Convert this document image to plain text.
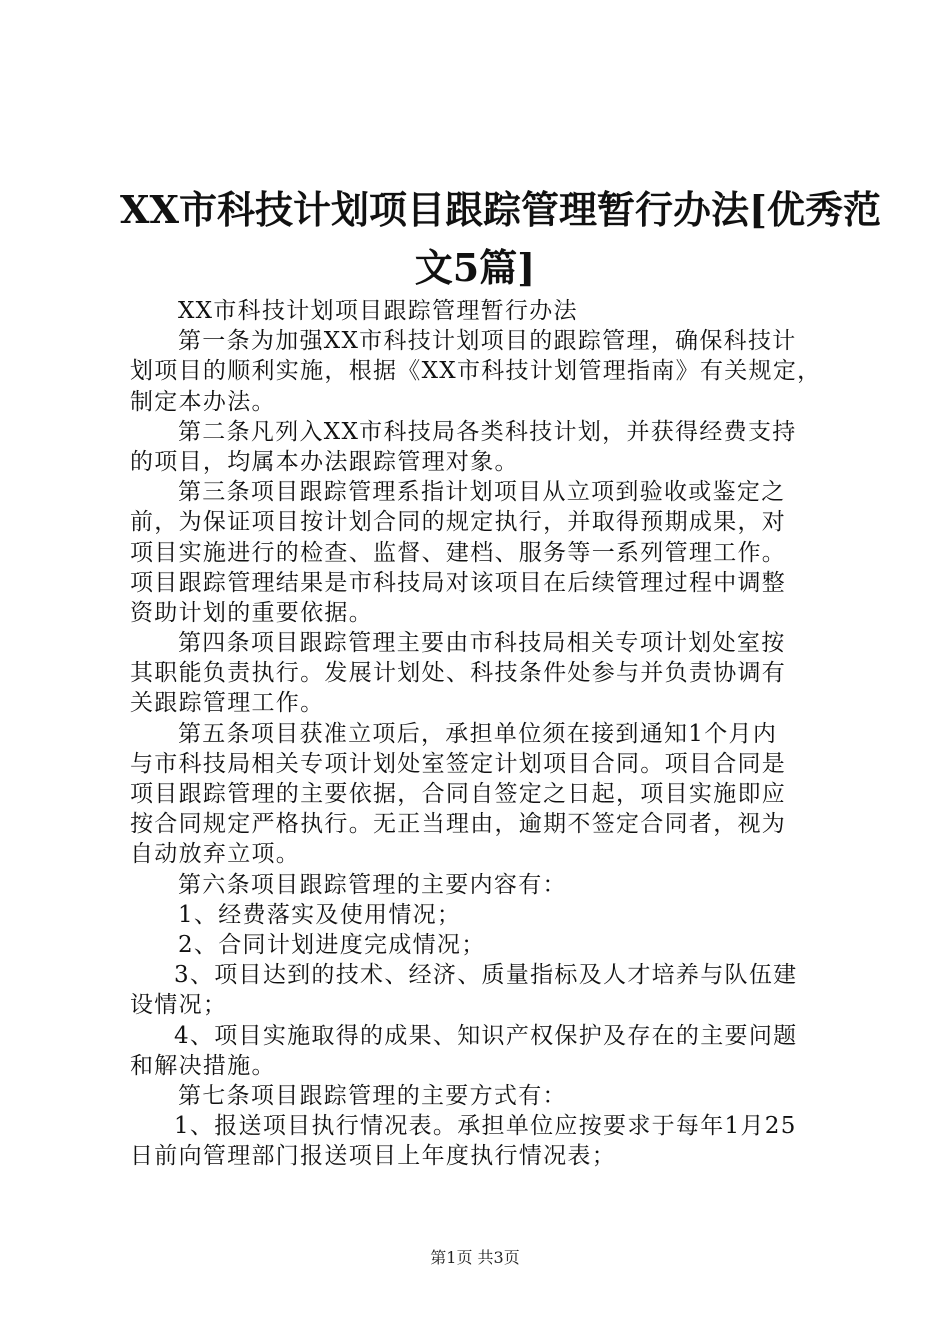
XX市科技计划项目跟踪管理暂行办法[优秀范
文5篇]
XX市科技计划项目跟踪管理暂行办法
第一条为加强XX市科技计划项目的跟踪管理，确保科技计
划项目的顺利实施，根据《XX市科技计划管理指南》有关规定，
制定本办法。
第二条凡列入XX市科技局各类科技计划，并获得经费支持
的项目，均属本办法跟踪管理对象。
第三条项目跟踪管理系指计划项目从立项到验收或鉴定之
前，为保证项目按计划合同的规定执行，并取得预期成果，对
项目实施进行的检查、监督、建档、服务等一系列管理工作。
项目跟踪管理结果是市科技局对该项目在后续管理过程中调整
资助计划的重要依据。
第四条项目跟踪管理主要由市科技局相关专项计划处室按
其职能负责执行。发展计划处、科技条件处参与并负责协调有
关跟踪管理工作。
第五条项目获准立项后，承担单位须在接到通知1个月内
与市科技局相关专项计划处室签定计划项目合同。项目合同是
项目跟踪管理的主要依据，合同自签定之日起，项目实施即应
按合同规定严格执行。无正当理由，逾期不签定合同者，视为
自动放弃立项。
第六条项目跟踪管理的主要内容有：
1、经费落实及使用情况；
2、合同计划进度完成情况；
3、项目达到的技术、经济、质量指标及人才培养与队伍建
设情况；
4、项目实施取得的成果、知识产权保护及存在的主要问题
和解决措施。
第七条项目跟踪管理的主要方式有：
1、报送项目执行情况表。承担单位应按要求于每年1月25
日前向管理部门报送项目上年度执行情况表；
第1页 共3页
